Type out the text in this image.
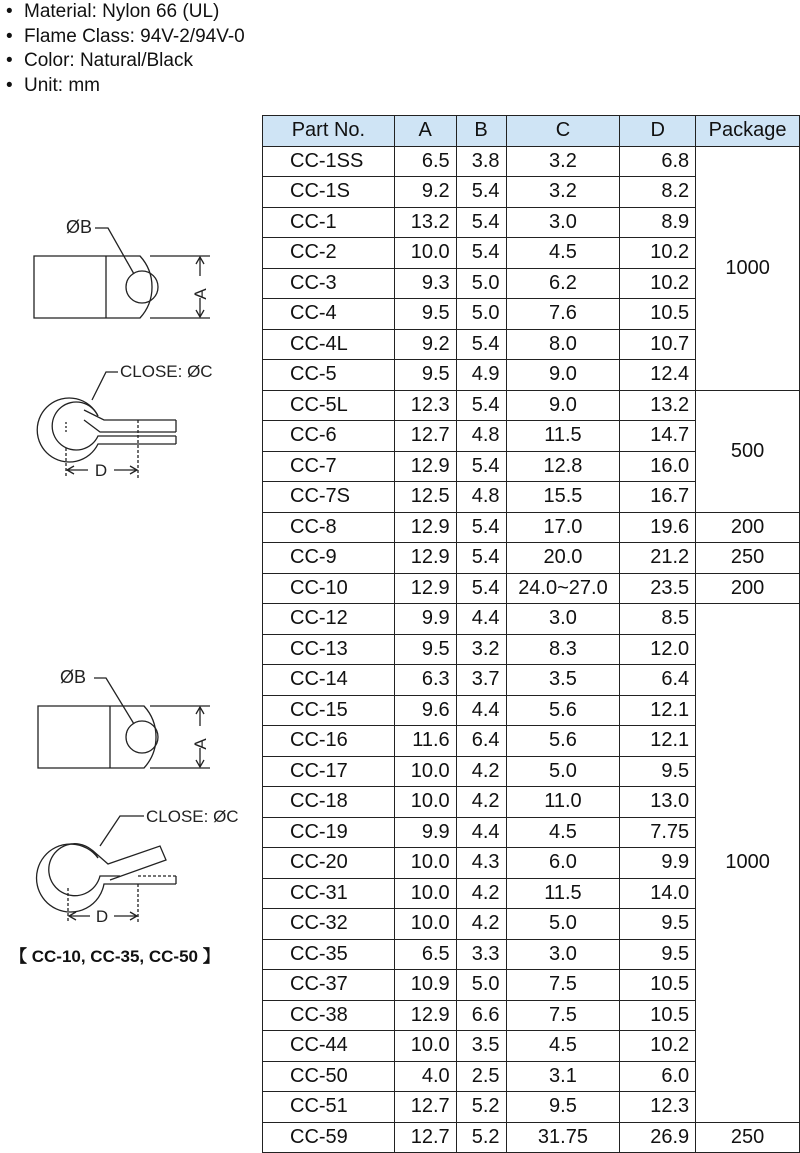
• Material: Nylon 66 (UL)
• Flame Class: 94V-2/94V-0
• Color: Natural/Black
• Unit: mm
ØB
CLOSE: ØC
A
D
ØB
CLOSE: ØC
A
D
【 CC-10, CC-35, CC-50 】
Part No.	A	B	C	D	Package
CC-1SS	6.5	3.8	3.2	6.8	1000
CC-1S	9.2	5.4	3.2	8.2	
CC-1	13.2	5.4	3.0	8.9	
CC-2	10.0	5.4	4.5	10.2	
CC-3	9.3	5.0	6.2	10.2	
CC-4	9.5	5.0	7.6	10.5	
CC-4L	9.2	5.4	8.0	10.7	
CC-5	9.5	4.9	9.0	12.4	
CC-5L	12.3	5.4	9.0	13.2	500
CC-6	12.7	4.8	11.5	14.7	
CC-7	12.9	5.4	12.8	16.0	
CC-7S	12.5	4.8	15.5	16.7	
CC-8	12.9	5.4	17.0	19.6	200
CC-9	12.9	5.4	20.0	21.2	250
CC-10	12.9	5.4	24.0~27.0	23.5	200
CC-12	9.9	4.4	3.0	8.5	1000
CC-13	9.5	3.2	8.3	12.0	
CC-14	6.3	3.7	3.5	6.4	
CC-15	9.6	4.4	5.6	12.1	
CC-16	11.6	6.4	5.6	12.1	
CC-17	10.0	4.2	5.0	9.5	
CC-18	10.0	4.2	11.0	13.0	
CC-19	9.9	4.4	4.5	7.75	
CC-20	10.0	4.3	6.0	9.9	
CC-31	10.0	4.2	11.5	14.0	
CC-32	10.0	4.2	5.0	9.5	
CC-35	6.5	3.3	3.0	9.5	
CC-37	10.9	5.0	7.5	10.5	
CC-38	12.9	6.6	7.5	10.5	
CC-44	10.0	3.5	4.5	10.2	
CC-50	4.0	2.5	3.1	6.0	
CC-51	12.7	5.2	9.5	12.3	
CC-59	12.7	5.2	31.75	26.9	250
